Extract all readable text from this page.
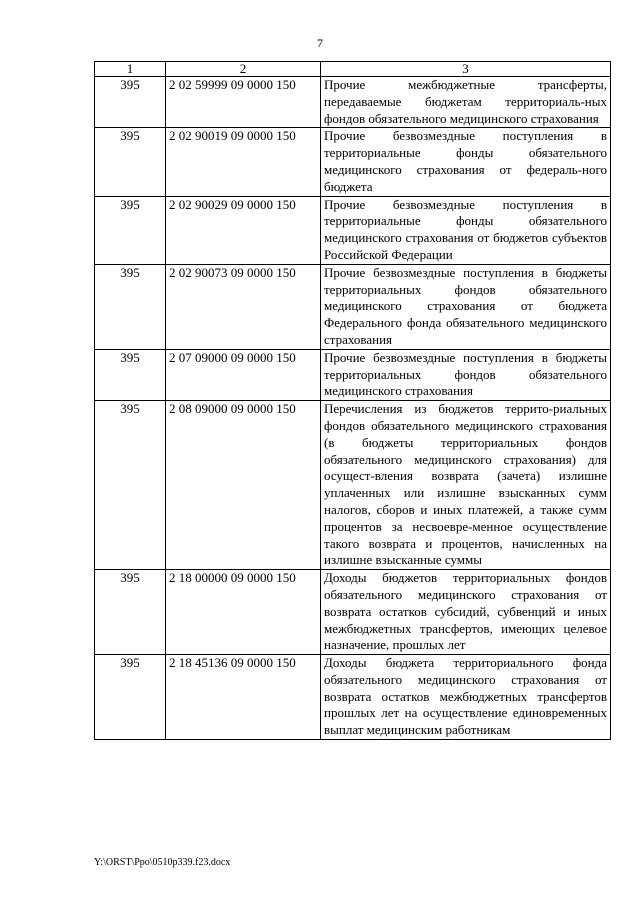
7
1	2	3
395	2 02 59999 09 0000 150	Прочие межбюджетные трансферты, передаваемые бюджетам территориаль-ных фондов обязательного медицинского страхования
395	2 02 90019 09 0000 150	Прочие безвозмездные поступления в территориальные фонды обязательного медицинского страхования от федераль-ного бюджета
395	2 02 90029 09 0000 150	Прочие безвозмездные поступления в территориальные фонды обязательного медицинского страхования от бюджетов субъектов Российской Федерации
395	2 02 90073 09 0000 150	Прочие безвозмездные поступления в бюджеты территориальных фондов обязательного медицинского страхования от бюджета Федерального фонда обязательного медицинского страхования
395	2 07 09000 09 0000 150	Прочие безвозмездные поступления в бюджеты территориальных фондов обязательного медицинского страхования
395	2 08 09000 09 0000 150	Перечисления из бюджетов террито-риальных фондов обязательного медицинского страхования (в бюджеты территориальных фондов обязательного медицинского страхования) для осущест-вления возврата (зачета) излишне уплаченных или излишне взысканных сумм налогов, сборов и иных платежей, а также сумм процентов за несвоевре-менное осуществление такого возврата и процентов, начисленных на излишне взысканные суммы
395	2 18 00000 09 0000 150	Доходы бюджетов территориальных фондов обязательного медицинского страхования от возврата остатков субсидий, субвенций и иных межбюджетных трансфертов, имеющих целевое назначение, прошлых лет
395	2 18 45136 09 0000 150	Доходы бюджета территориального фонда обязательного медицинского страхования от возврата остатков межбюджетных трансфертов прошлых лет на осуществление единовременных выплат медицинским работникам
Y:\ORST\Ppo\0510p339.f23.docx
